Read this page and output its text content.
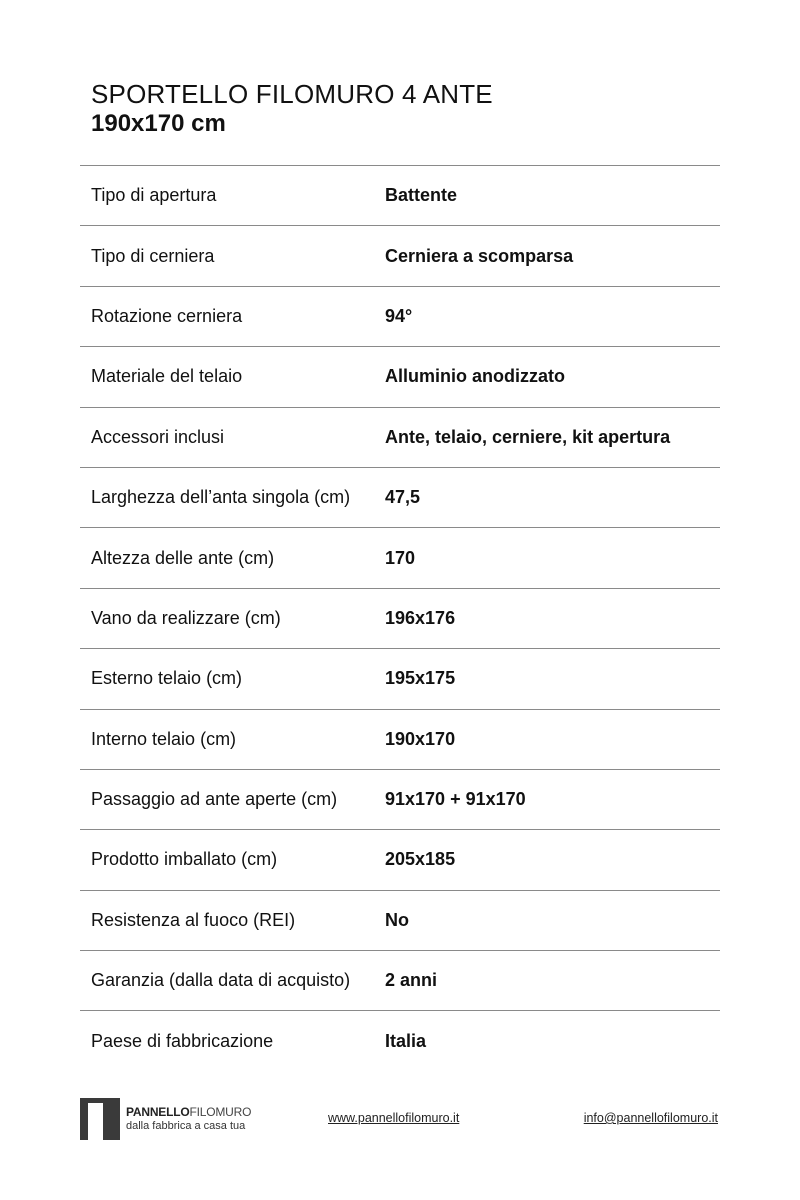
SPORTELLO FILOMURO 4 ANTE
190x170 cm
Tipo di apertura	Battente
Tipo di cerniera	Cerniera a scomparsa
Rotazione cerniera	94°
Materiale del telaio	Alluminio anodizzato
Accessori inclusi	Ante, telaio, cerniere, kit apertura
Larghezza dell’anta singola (cm)	47,5
Altezza delle ante (cm)	170
Vano da realizzare (cm)	196x176
Esterno telaio (cm)	195x175
Interno telaio (cm)	190x170
Passaggio ad ante aperte (cm)	91x170 + 91x170
Prodotto imballato (cm)	205x185
Resistenza al fuoco (REI)	No
Garanzia (dalla data di acquisto)	2 anni
Paese di fabbricazione	Italia
PANNELLOFILOMURO
dalla fabbrica a casa tua
www.pannellofilomuro.it	info@pannellofilomuro.it
